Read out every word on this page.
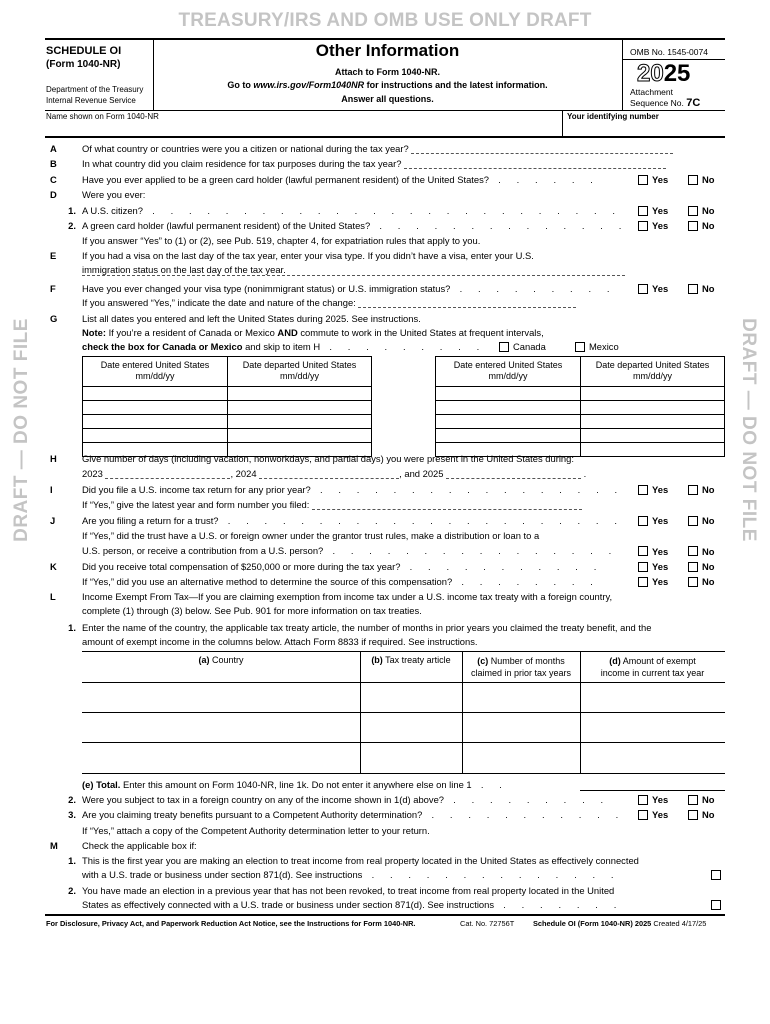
TREASURY/IRS AND OMB USE ONLY DRAFT
DRAFT — DO NOT FILE	DRAFT — DO NOT FILE
SCHEDULE OI
(Form 1040-NR)
Department of the Treasury
Internal Revenue Service
Other Information
Attach to Form 1040-NR.
Go to www.irs.gov/Form1040NR for instructions and the latest information.
Answer all questions.
OMB No. 1545-0074
2025
Attachment
Sequence No. 7C
Name shown on Form 1040-NR	Your identifying number
A	Of what country or countries were you a citizen or national during the tax year?
B	In what country did you claim residence for tax purposes during the tax year?
C	Have you ever applied to be a green card holder (lawful permanent resident) of the United States? . . . . . .	Yes	No
D	Were you ever:
1. A U.S. citizen? . . . . . . . . . . . . . . . . . . . . . . . . . .	Yes	No
2. A green card holder (lawful permanent resident) of the United States? . . . . . . . . . . . . . .	Yes	No
If you answer “Yes” to (1) or (2), see Pub. 519, chapter 4, for expatriation rules that apply to you.
E	If you had a visa on the last day of the tax year, enter your visa type. If you didn’t have a visa, enter your U.S.
immigration status on the last day of the tax year.
F	Have you ever changed your visa type (nonimmigrant status) or U.S. immigration status? . . . . . . . . .	Yes	No
If you answered “Yes,” indicate the date and nature of the change:
G	List all dates you entered and left the United States during 2025. See instructions.
Note: If you’re a resident of Canada or Mexico AND commute to work in the United States at frequent intervals,
check the box for Canada or Mexico and skip to item H . . . . . . . . .	Canada	Mexico
Date entered United States
mm/dd/yy	Date departed United States
mm/dd/yy

Date entered United States
mm/dd/yy	Date departed United States
mm/dd/yy

H	Give number of days (including vacation, nonworkdays, and partial days) you were present in the United States during:
2023	, 2024	, and 2025	.
I	Did you file a U.S. income tax return for any prior year? . . . . . . . . . . . . . . . . .	Yes	No
If “Yes,” give the latest year and form number you filed:
J	Are you filing a return for a trust? . . . . . . . . . . . . . . . . . . . . . .	Yes	No
If “Yes,” did the trust have a U.S. or foreign owner under the grantor trust rules, make a distribution or loan to a
U.S. person, or receive a contribution from a U.S. person? . . . . . . . . . . . . . . . .	Yes	No
K	Did you receive total compensation of $250,000 or more during the tax year? . . . . . . . . . . .	Yes	No
If “Yes,” did you use an alternative method to determine the source of this compensation? . . . . . . . .	Yes	No
L	Income Exempt From Tax—If you are claiming exemption from income tax under a U.S. income tax treaty with a foreign country,
complete (1) through (3) below. See Pub. 901 for more information on tax treaties.
1. Enter the name of the country, the applicable tax treaty article, the number of months in prior years you claimed the treaty benefit, and the
amount of exempt income in the columns below. Attach Form 8833 if required. See instructions.
(a) Country	(b) Tax treaty article	(c) Number of months
claimed in prior tax years
(d) Amount of exempt
income in current tax year
(e) Total. Enter this amount on Form 1040-NR, line 1k. Do not enter it anywhere else on line 1 . .
2. Were you subject to tax in a foreign country on any of the income shown in 1(d) above? . . . . . . . . .	Yes	No
3. Are you claiming treaty benefits pursuant to a Competent Authority determination? . . . . . . . . . . .	Yes	No
If “Yes,” attach a copy of the Competent Authority determination letter to your return.
M	Check the applicable box if:
1. This is the first year you are making an election to treat income from real property located in the United States as effectively connected
with a U.S. trade or business under section 871(d). See instructions . . . . . . . . . . . . . .
2. You have made an election in a previous year that has not been revoked, to treat income from real property located in the United
States as effectively connected with a U.S. trade or business under section 871(d). See instructions . . . . . . .
For Disclosure, Privacy Act, and Paperwork Reduction Act Notice, see the Instructions for Form 1040-NR.	Cat. No. 72756T	Schedule OI (Form 1040-NR) 2025 Created 4/17/25
